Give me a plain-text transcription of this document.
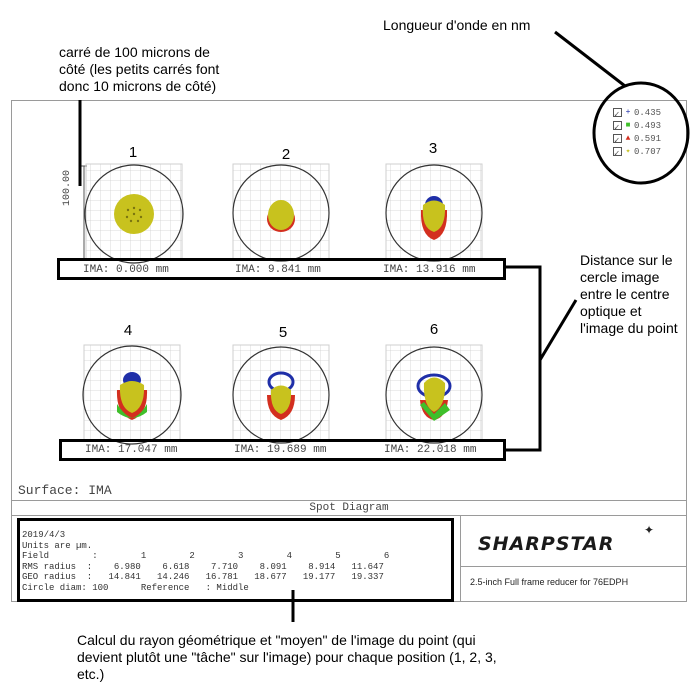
100.00
1	2	3
4	5	6
IMA: 0.000 mm	IMA: 9.841 mm	IMA: 13.916 mm
IMA: 17.047 mm	IMA: 19.689 mm	IMA: 22.018 mm
✓ + 0.435
✓ ■ 0.493
✓ ▲ 0.591
✓ ✦ 0.707
Surface: IMA
Spot Diagram
2019/4/3
Units are µm.
Field        :        1        2        3        4        5        6
RMS radius  :    6.980    6.618    7.710    8.091    8.914   11.647
GEO radius  :   14.841   14.246   16.781   18.677   19.177   19.337
Circle diam: 100      Reference   : Middle
SHARPSTAR
✦
2.5-inch Full frame reducer for 76EDPH
carré de 100 microns de
côté (les petits carrés font
donc 10 microns de côté)
Longueur d'onde en nm
Distance sur le
cercle image
entre le centre
optique et
l'image du point
Calcul du rayon géométrique et "moyen" de l'image du point (qui
devient plutôt une "tâche" sur l'image) pour chaque position (1, 2, 3,
etc.)
